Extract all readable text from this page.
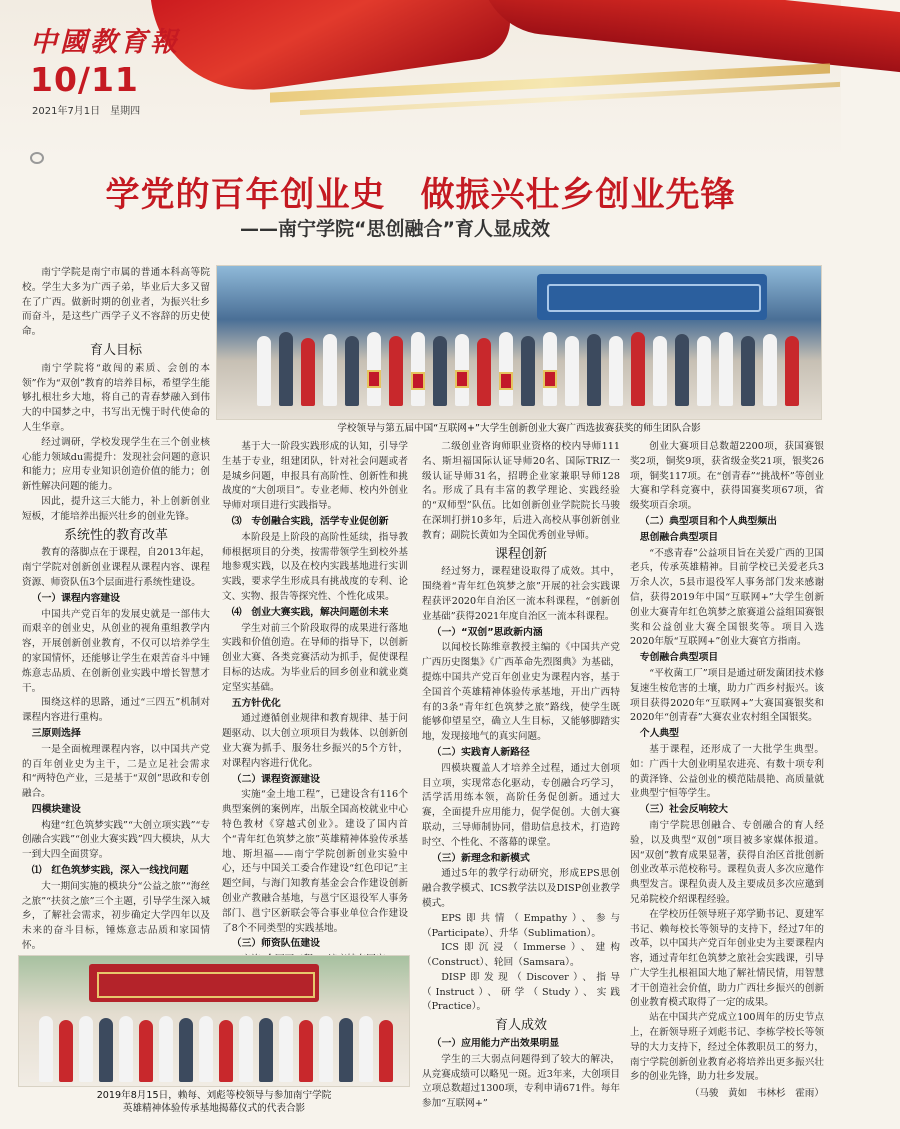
中國教育報
10/11
2021年7月1日　星期四
学党的百年创业史　做振兴壮乡创业先锋
——南宁学院“思创融合”育人显成效
学校领导与第五届中国“互联网+”大学生创新创业大赛广西选拔赛获奖的师生团队合影

南宁学院是南宁市属的普通本科高等院校。学生大多为广西子弟，毕业后大多又留在了广西。做新时期的创业者，为振兴壮乡而奋斗，是这些广西学子义不容辞的历史使命。

育人目标

南宁学院将“敢闯的素质、会创的本领”作为“双创”教育的培养目标，希望学生能够扎根壮乡大地，将自己的青春梦融入到伟大的中国梦之中，书写出无愧于时代使命的人生华章。

经过调研，学校发现学生在三个创业核心能力领域du需提升：发现社会问题的意识和能力；应用专业知识创造价值的能力；创新性解决问题的能力。

因此，提升这三大能力，补上创新创业短板，才能培养出振兴壮乡的创业先锋。

系统性的教育改革

教育的落脚点在于课程，自2013年起，南宁学院对创新创业课程从课程内容、课程资源、师资队伍3个层面进行系统性建设。

（一）课程内容建设

中国共产党百年的发展史就是一部伟大而艰辛的创业史，从创业的视角重组教学内容，开展创新创业教育，不仅可以培养学生的家国情怀，还能够让学生在艰苦奋斗中锤炼意志品质、在创新创业实践中增长智慧才干。

围绕这样的思路，通过“三四五”机制对课程内容进行重构。

三原则选择

一是全面梳理课程内容，以中国共产党的百年创业史为主干，二是立足社会需求和“两特色产业，三是基于“双创”思政和专创融合。

四模块建设

构建“红色筑梦实践”“大创立项实践”“专创融合实践”“创业大赛实践”四大模块，从大一到大四全面贯穿。

⑴　红色筑梦实践，深入一线找问题

大一期间实施的模块分“公益之旅”“海丝之旅”“扶贫之旅”三个主题，引导学生深入城乡，了解社会需求，初步确定大学四年以及未来的奋斗目标，锤炼意志品质和家国情怀。

基于大一阶段实践形成的认知，引导学生基于专业，组建团队，针对社会问题或者是城乡问题，申报具有高阶性、创新性和挑战度的“大创项目”。专业老师、校内外创业导师对项目进行实践指导。

⑶　专创融合实践，活学专业促创新

本阶段是上阶段的高阶性延续，指导教师根据项目的分类，按需带领学生到校外基地参观实践，以及在校内实践基地进行实训实践，要求学生形成具有挑战度的专利、论文、实物、报告等探究性、个性化成果。

⑷　创业大赛实践，解决问题创未来

学生对前三个阶段取得的成果进行落地实践和价值创造。在导师的指导下，以创新创业大赛、各类竞赛活动为抓手，促使课程目标的达成。为毕业后的回乡创业和就业奠定坚实基础。

五方针优化

通过遵循创业规律和教育规律、基于问题驱动、以大创立项项目为载体、以创新创业大赛为抓手、服务壮乡振兴的5个方针，对课程内容进行优化。

（二）课程资源建设

实施“金土地工程”，已建设含有116个典型案例的案例库，出版全国高校就业中心特色教材《穿越式创业》。建设了国内首个“青年红色筑梦之旅”英雄精神体验传承基地、斯坦福——南宁学院创新创业实验中心，还与中国关工委合作建设“红色印记”主题空间，与海门知教育基金会合作建设创新创业产教融合基地，与邕宁区退役军人事务部门、邕宁区新联会等合事业单位合作建设了8个不同类型的实践基地。

（三）师资队伍建设

二级创业咨询师职业资格的校内导师111名、斯坦福国际认证导师20名、国际TRIZ一级认证导师31名，招聘企业家兼职导师128名。形成了具有丰富的教学理论、实践经验的“双师型”队伍。比如创新创业学院院长马骏在深圳打拼10多年，后进入高校从事创新创业教育；副院长黄如为全国优秀创业导师。

课程创新

经过努力，课程建设取得了成效。其中，围绕着“青年红色筑梦之旅”开展的社会实践课程获评2020年自治区一流本科课程，“创新创业基础”获得2021年度自治区一流本科课程。

（一）“双创”思政新内涵

以闻校长陈维章教授主编的《中国共产党广西历史图集》《广西革命先烈图典》为基础，提炼中国共产党百年创业史为课程内容，基于全国首个英雄精神体验传承基地，开出广西特有的3条“青年红色筑梦之旅”路线，使学生既能够仰望星空，确立人生目标，又能够脚踏实地，发现接地气的真实问题。

（二）实践育人新路径

四模块覆盖人才培养全过程，通过大创项目立项，实现常态化驱动，专创融合巧学习，活学活用练本领，高阶任务促创新。通过大赛，全面提升应用能力，促学促创。大创大赛联动，三导师制协同，借助信息技术，打造跨时空、个性化、不落幕的课堂。

（三）新理念和新模式

通过5年的教学行动研究，形成EPS思创融合教学模式、ICS教学法以及DISP创业教学模式。

EPS即共情（Empathy）、参与（Participate）、升华（Sublimation）。

ICS即沉浸（Immerse）、建构（Construct）、轮回（Samsara）。

DISP即发现（Discover）、指导（Instruct）、研学（Study）、实践（Practice）。

育人成效
（一）应用能力产出效果明显

学生的三大弱点问题得到了较大的解决，从竞赛成绩可以略见一斑。近3年来，大创项目立项总数超过1300项，专利申请671件。每年参加“互联网+”

创业大赛项目总数超2200项，获国赛银奖2项，铜奖9项，获省级金奖21项，银奖26项，铜奖117项。在“创青春”“挑战杯”等创业大赛和学科竞赛中，获得国赛奖项67项，省级奖项百余项。

（二）典型项目和个人典型频出
思创融合典型项目

“不惑青春”公益项目旨在关爱广西的卫国老兵，传承英雄精神。目前学校已关爱老兵3万余人次，5县市退役军人事务部门发来感谢信，获得2019年中国“互联网+”大学生创新创业大赛青年红色筑梦之旅赛道公益组国赛银奖和公益创业大赛全国银奖等。项目入选2020年版“互联网+”创业大赛官方指南。

专创融合典型项目

“平枚菌工厂”项目是通过研发菌团技术修复速生桉危害的土壤，助力广西乡村振兴。该项目获得2020年“互联网+”大赛国赛银奖和2020年“创青春”大赛农业农村组全国银奖。

个人典型

基于课程，还形成了一大批学生典型。如：广西十大创业明星农进亮、有数十项专利的黄泽锋、公益创业的模范陆晨艳、高质量就业典型宁恒等学生。

（三）社会反响较大

南宁学院思创融合、专创融合的育人经验，以及典型“双创”项目被多家媒体报道。因“双创”教育成果显著，获得自治区首批创新创业改革示范校称号。课程负责人多次应邀作典型发言。课程负责人及主要成员多次应邀到兄弟院校介绍课程经验。

在学校历任领导班子郑学勤书记、夏建军书记、赖每校长等领导的支持下，经过7年的改革，以中国共产党百年创业史为主要课程内容，通过青年红色筑梦之旅社会实践课，引导广大学生扎根祖国大地了解社情民情，用智慧才干创造社会价值，助力广西壮乡振兴的创新创业教育模式取得了一定的成果。

站在中国共产党成立100周年的历史节点上，在新领导班子刘彪书记、李栋学校长等领导的大力支持下，经过全体教职员工的努力，南宁学院创新创业教育必将培养出更多振兴壮乡的创业先锋，助力壮乡发展。

（马骏　黄如　韦林杉　霍雨）

2019年8月15日，赖每、刘彪等校领导与参加南宁学院
英雄精神体验传承基地揭幕仪式的代表合影
